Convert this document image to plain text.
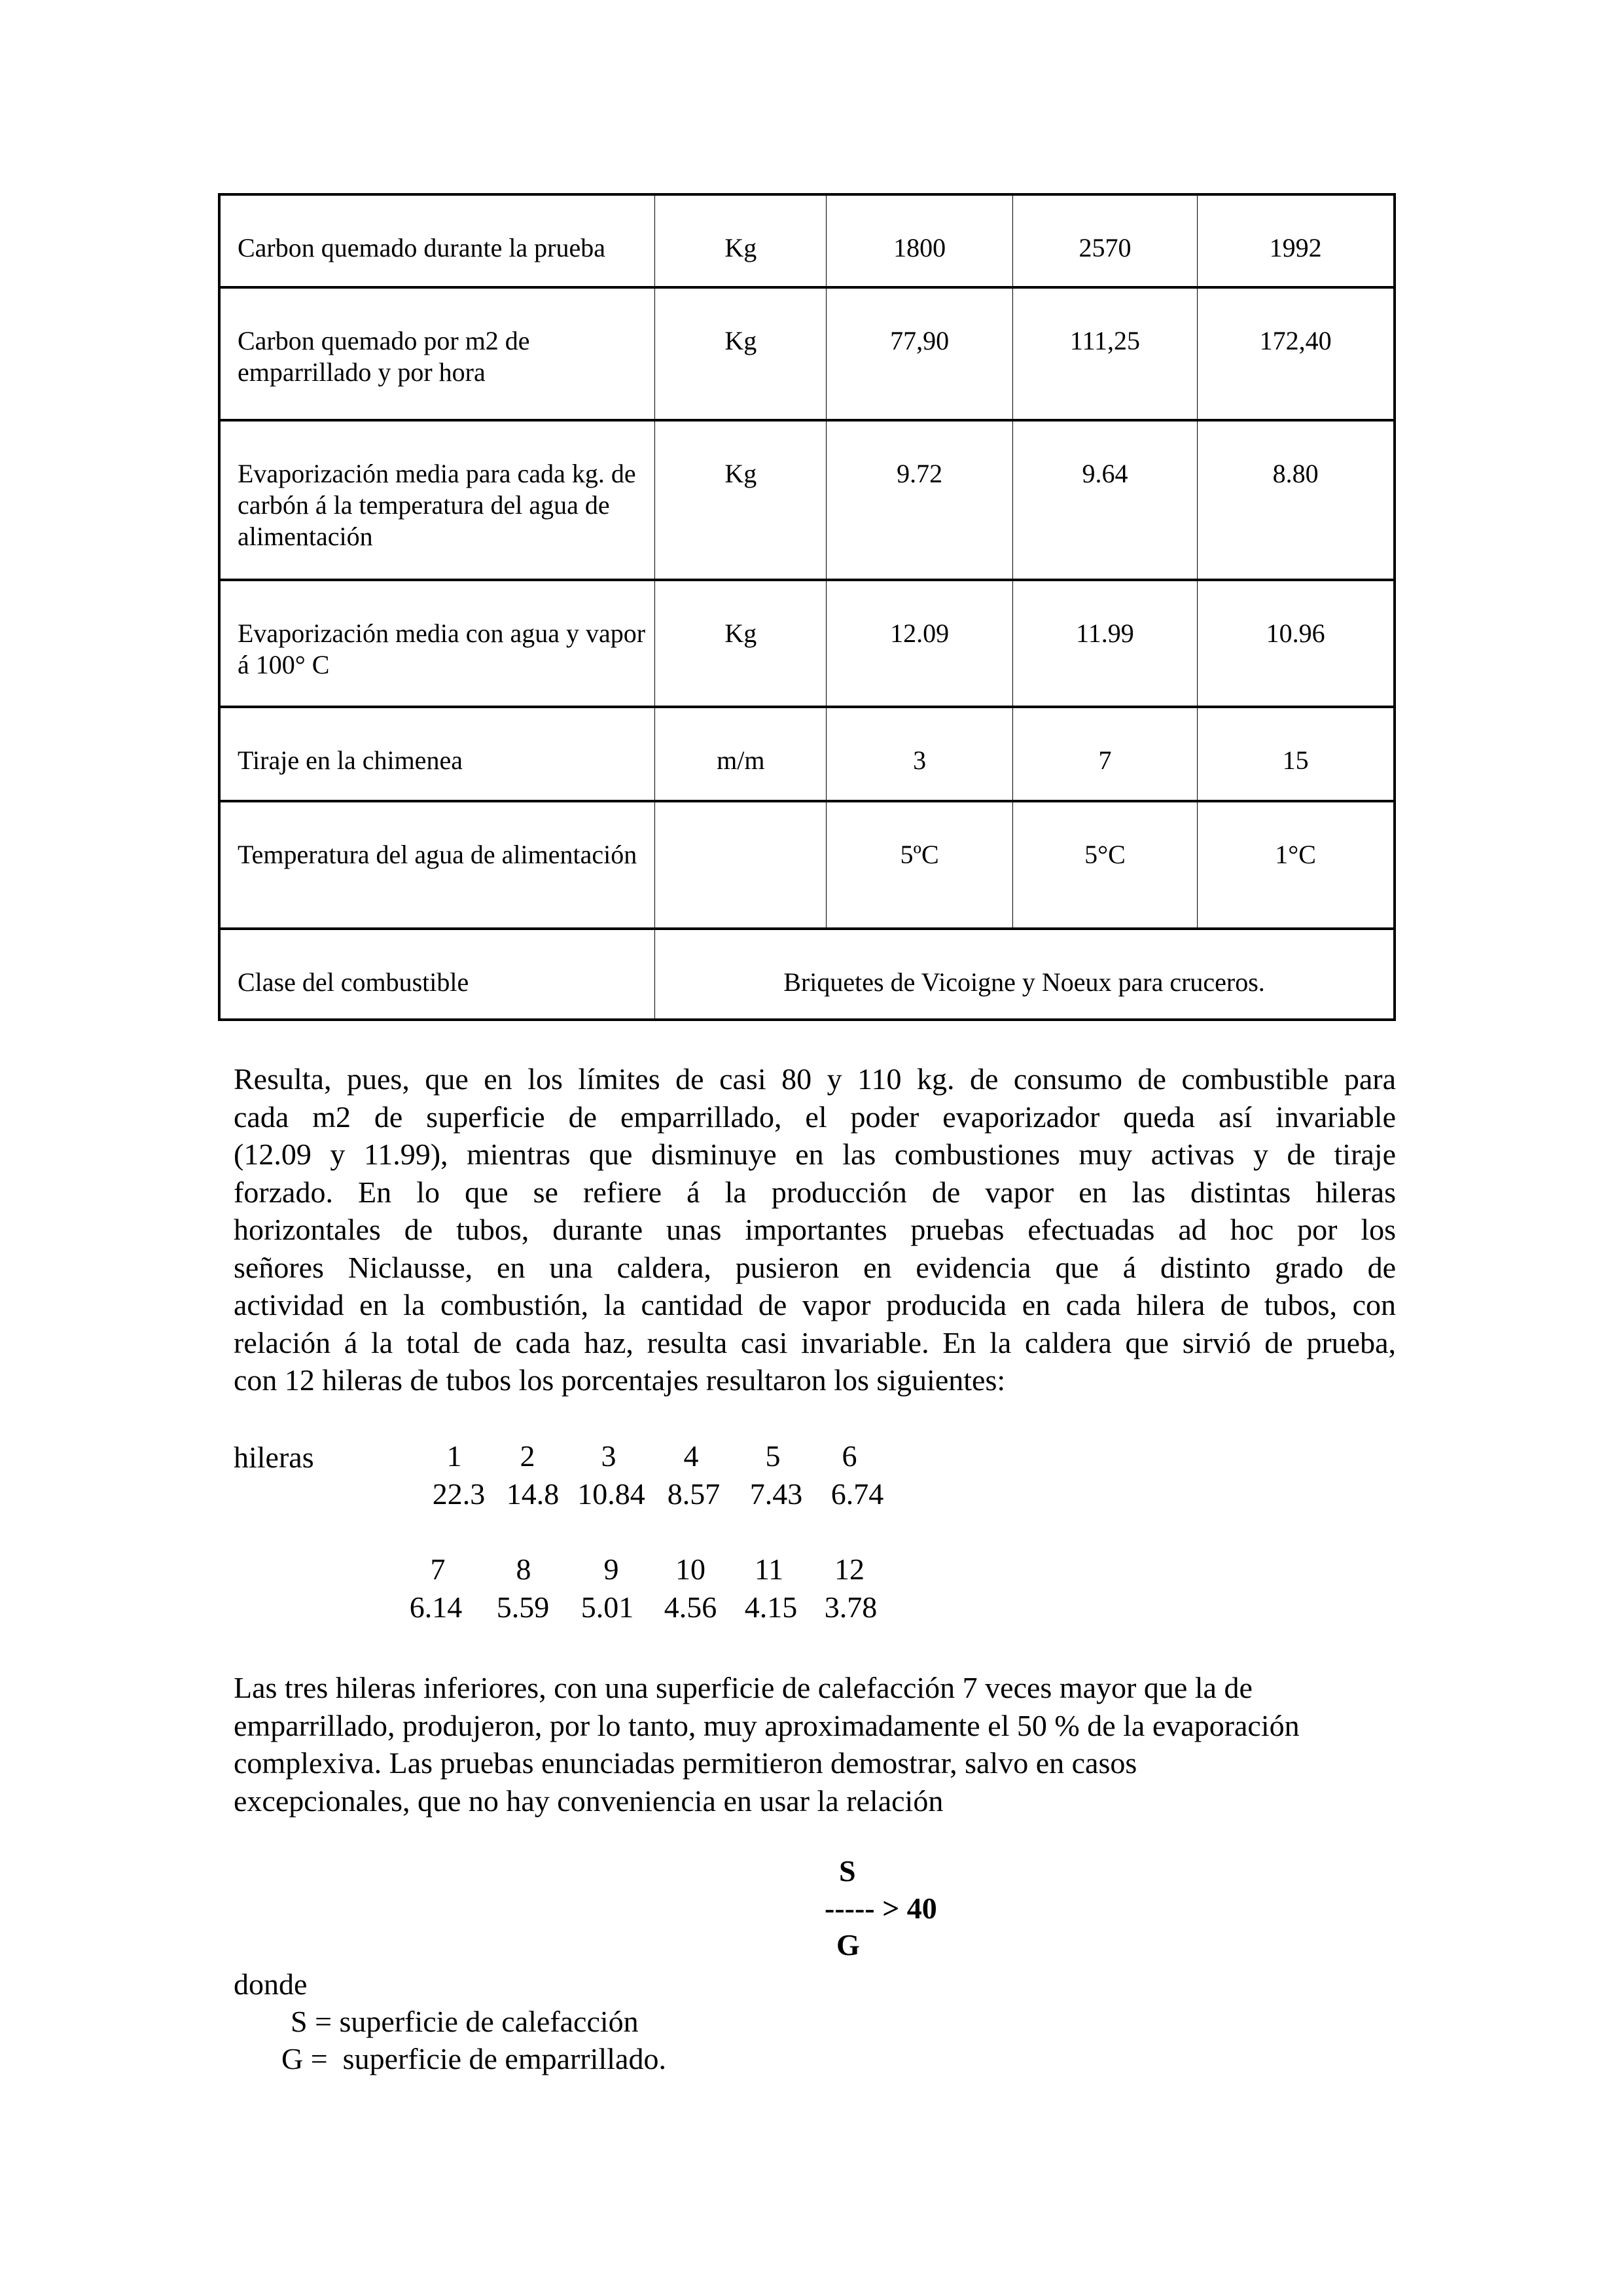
Carbon quemado durante la prueba	Kg	1800	2570	1992

Carbon quemado por m2 de emparrillado y por hora	Kg	77,90	111,25	172,40

Evaporización media para cada kg. de carbón á la temperatura del agua de alimentación	Kg	9.72	9.64	8.80

Evaporización media con agua y vapor á 100° C	Kg	12.09	11.99	10.96

Tiraje en la chimenea	m/m	3	7	15

Temperatura del agua de alimentación		5ºC	5°C	1°C

Clase del combustible	Briquetes de Vicoigne y Noeux para cruceros.			
Resulta, pues, que en los límites de casi 80 y 110 kg. de consumo de combustible para
cada m2 de superficie de emparrillado, el poder evaporizador queda así invariable
(12.09 y 11.99), mientras que disminuye en las combustiones muy activas y de tiraje
forzado. En lo que se refiere á la producción de vapor en las distintas hileras
horizontales de tubos, durante unas importantes pruebas efectuadas ad hoc por los
señores Niclausse, en una caldera, pusieron en evidencia que á distinto grado de
actividad en la combustión, la cantidad de vapor producida en cada hilera de tubos, con
relación á la total de cada haz, resulta casi invariable. En la caldera que sirvió de prueba,
con 12 hileras de tubos los porcentajes resultaron los siguientes:
hileras	1	2	3	4	5	6
22.3 14.8 10.84 8.57 7.43 6.74
7	8	9	10	11	12
6.14	5.59	5.01	4.56 4.15 3.78
Las tres hileras inferiores, con una superficie de calefacción 7 veces mayor que la de
emparrillado, produjeron, por lo tanto, muy aproximadamente el 50 % de la evaporación
complexiva. Las pruebas enunciadas permitieron demostrar, salvo en casos
excepcionales, que no hay conveniencia en usar la relación
S
----- > 40
G
donde
S = superficie de calefacción
G =  superficie de emparrillado.
